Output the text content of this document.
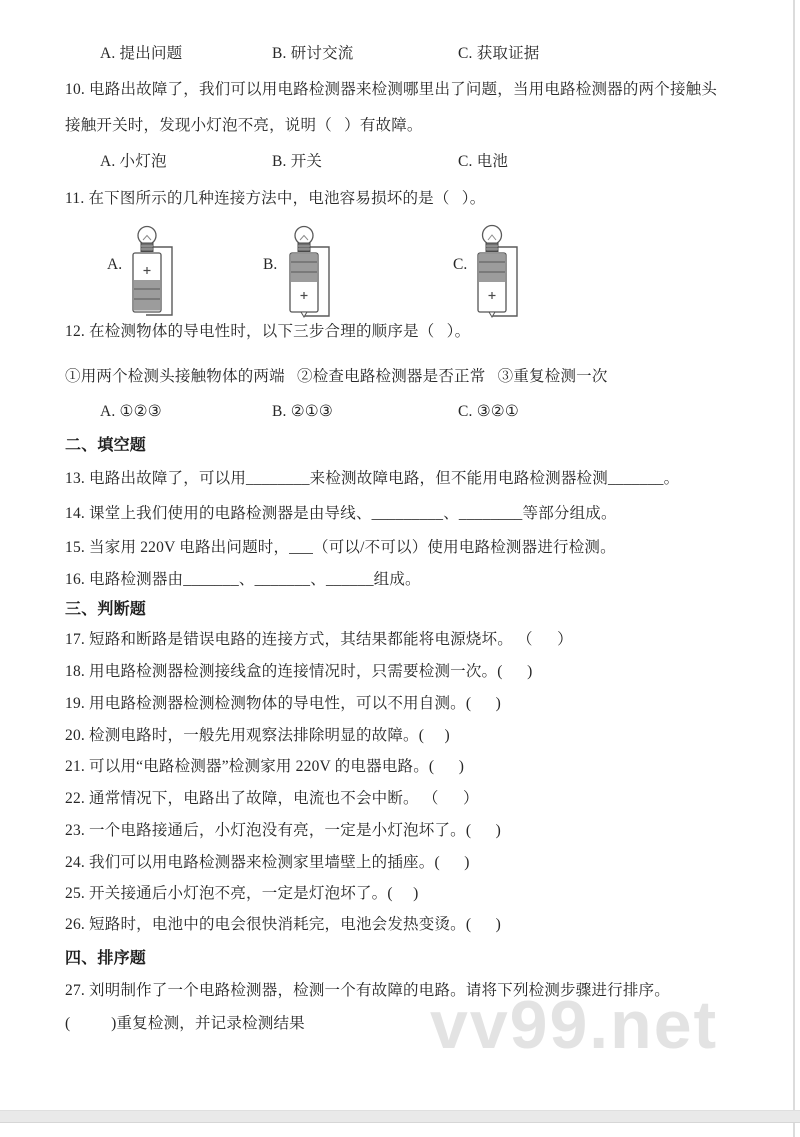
A. 提出问题

	B. 研讨交流

	C. 获取证据

10. 电路出故障了，我们可以用电路检测器来检测哪里出了问题，当用电路检测器的两个接触头
接触开关时，发现小灯泡不亮，说明（   ）有故障。

A. 小灯泡

	B. 开关

	C. 电池

11. 在下图所示的几种连接方法中，电池容易损坏的是（   ）。
A.	B.	C.
12. 在检测物体的导电性时，以下三步合理的顺序是（   ）。
①用两个检测头接触物体的两端   ②检查电路检测器是否正常   ③重复检测一次

A. ①②③

	B. ②①③

	C. ③②①

二、填空题
13. 电路出故障了，可以用________来检测故障电路，但不能用电路检测器检测_______。
14. 课堂上我们使用的电路检测器是由导线、_________、________等部分组成。
15. 当家用 220V 电路出问题时，___（可以/不可以）使用电路检测器进行检测。
16. 电路检测器由_______、_______、______组成。
三、判断题
17. 短路和断路是错误电路的连接方式，其结果都能将电源烧坏。 （      ）
18. 用电路检测器检测接线盒的连接情况时，只需要检测一次。(      )
19. 用电路检测器检测检测物体的导电性，可以不用自测。(      )
20. 检测电路时，一般先用观察法排除明显的故障。(     )
21. 可以用“电路检测器”检测家用 220V 的电器电路。(      )
22. 通常情况下，电路出了故障，电流也不会中断。 （      ）
23. 一个电路接通后，小灯泡没有亮，一定是小灯泡坏了。(      )
24. 我们可以用电路检测器来检测家里墙壁上的插座。(      )
25. 开关接通后小灯泡不亮，一定是灯泡坏了。(     )
26. 短路时，电池中的电会很快消耗完，电池会发热变烫。(      )
四、排序题
27. 刘明制作了一个电路检测器，检测一个有故障的电路。请将下列检测步骤进行排序。
(          )重复检测，并记录检测结果	vv99.net
